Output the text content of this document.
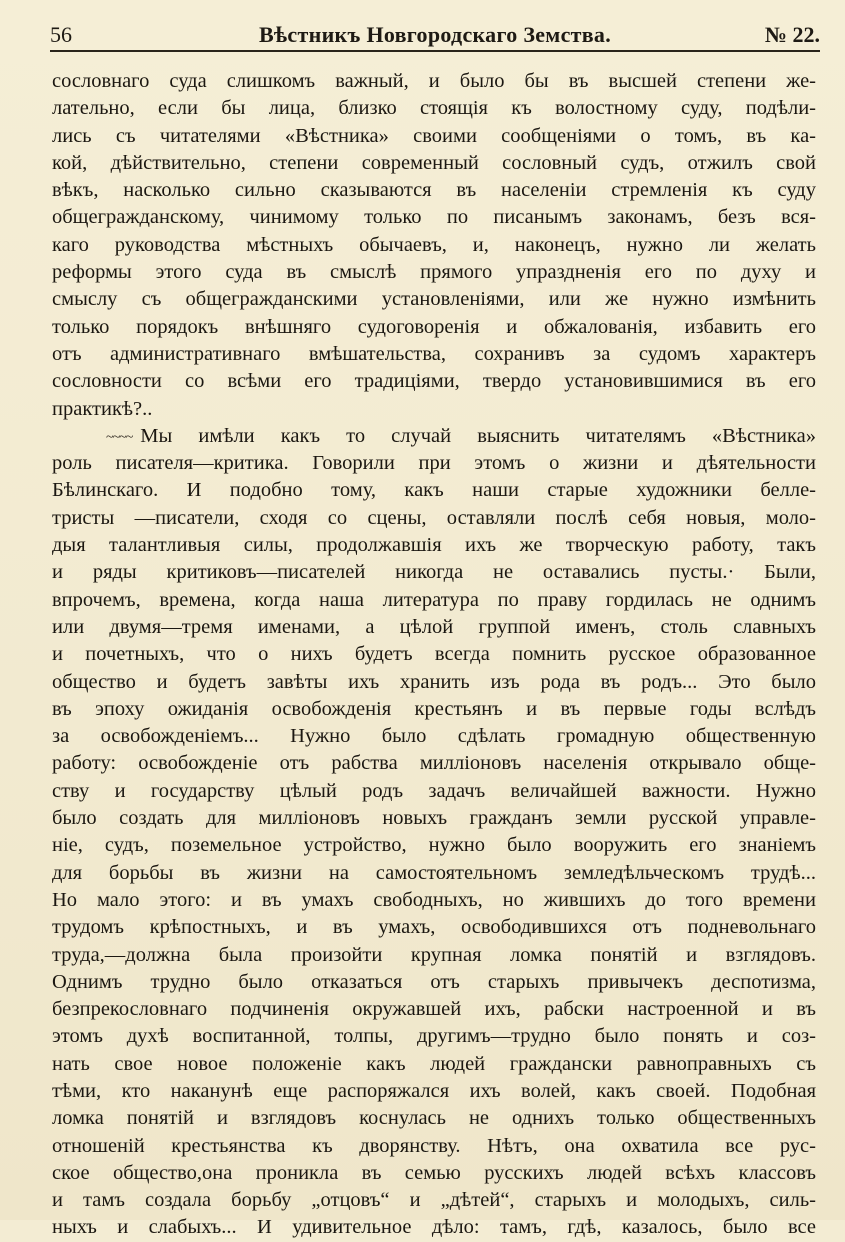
56	Вѣстникъ Новгородскаго Земства.	№ 22.
сословнаго суда слишкомъ важный, и было бы въ высшей степени же-
лательно, если бы лица, близко стоящія къ волостному суду, подѣли-
лись съ читателями «Вѣстника» своими сообщеніями о томъ, въ ка-
кой, дѣйствительно, степени современный сословный судъ, отжилъ свой
вѣкъ, насколько сильно сказываются въ населеніи стремленія къ суду
общегражданскому, чинимому только по писанымъ законамъ, безъ вся-
каго руководства мѣстныхъ обычаевъ, и, наконецъ, нужно ли желать
реформы этого суда въ смыслѣ прямого упраздненія его по духу и
смыслу съ общегражданскими установленіями, или же нужно измѣнить
только порядокъ внѣшняго судоговоренія и обжалованія, избавить его
отъ административнаго вмѣшательства, сохранивъ за судомъ характеръ
сословности со всѣми его традиціями, твердо установившимися въ его
практикѣ?..
~~~~ Мы имѣли какъ то случай выяснить читателямъ «Вѣстника»
роль писателя—критика. Говорили при этомъ о жизни и дѣятельности
Бѣлинскаго. И подобно тому, какъ наши старые художники белле-
тристы —писатели, сходя со сцены, оставляли послѣ себя новыя, моло-
дыя талантливыя силы, продолжавшія ихъ же творческую работу, такъ
и ряды критиковъ—писателей никогда не оставались пусты.· Были,
впрочемъ, времена, когда наша литература по праву гордилась не однимъ
или двумя—тремя именами, а цѣлой группой именъ, столь славныхъ
и почетныхъ, что о нихъ будетъ всегда помнить русское образованное
общество и будетъ завѣты ихъ хранить изъ рода въ родъ... Это было
въ эпоху ожиданія освобожденія крестьянъ и въ первые годы вслѣдъ
за освобожденіемъ... Нужно было сдѣлать громадную общественную
работу: освобожденіе отъ рабства милліоновъ населенія открывало обще-
ству и государству цѣлый родъ задачъ величайшей важности. Нужно
было создать для милліоновъ новыхъ гражданъ земли русской управле-
ніе, судъ, поземельное устройство, нужно было вооружить его знаніемъ
для борьбы въ жизни на самостоятельномъ земледѣльческомъ трудѣ...
Но мало этого: и въ умахъ свободныхъ, но жившихъ до того времени
трудомъ крѣпостныхъ, и въ умахъ, освободившихся отъ подневольнаго
труда,—должна была произойти крупная ломка понятій и взглядовъ.
Однимъ трудно было отказаться отъ старыхъ привычекъ деспотизма,
безпрекословнаго подчиненія окружавшей ихъ, рабски настроенной и въ
этомъ духѣ воспитанной, толпы, другимъ—трудно было понять и соз-
нать свое новое положеніе какъ людей граждански равноправныхъ съ
тѣми, кто наканунѣ еще распоряжался ихъ волей, какъ своей. Подобная
ломка понятій и взглядовъ коснулась не однихъ только общественныхъ
отношеній крестьянства къ дворянству. Нѣтъ, она охватила все рус-
ское общество,она проникла въ семью русскихъ людей всѣхъ классовъ
и тамъ создала борьбу „отцовъ“ и „дѣтей“, старыхъ и молодыхъ, силь-
ныхъ и слабыхъ... И удивительное дѣло: тамъ, гдѣ, казалось, было все
